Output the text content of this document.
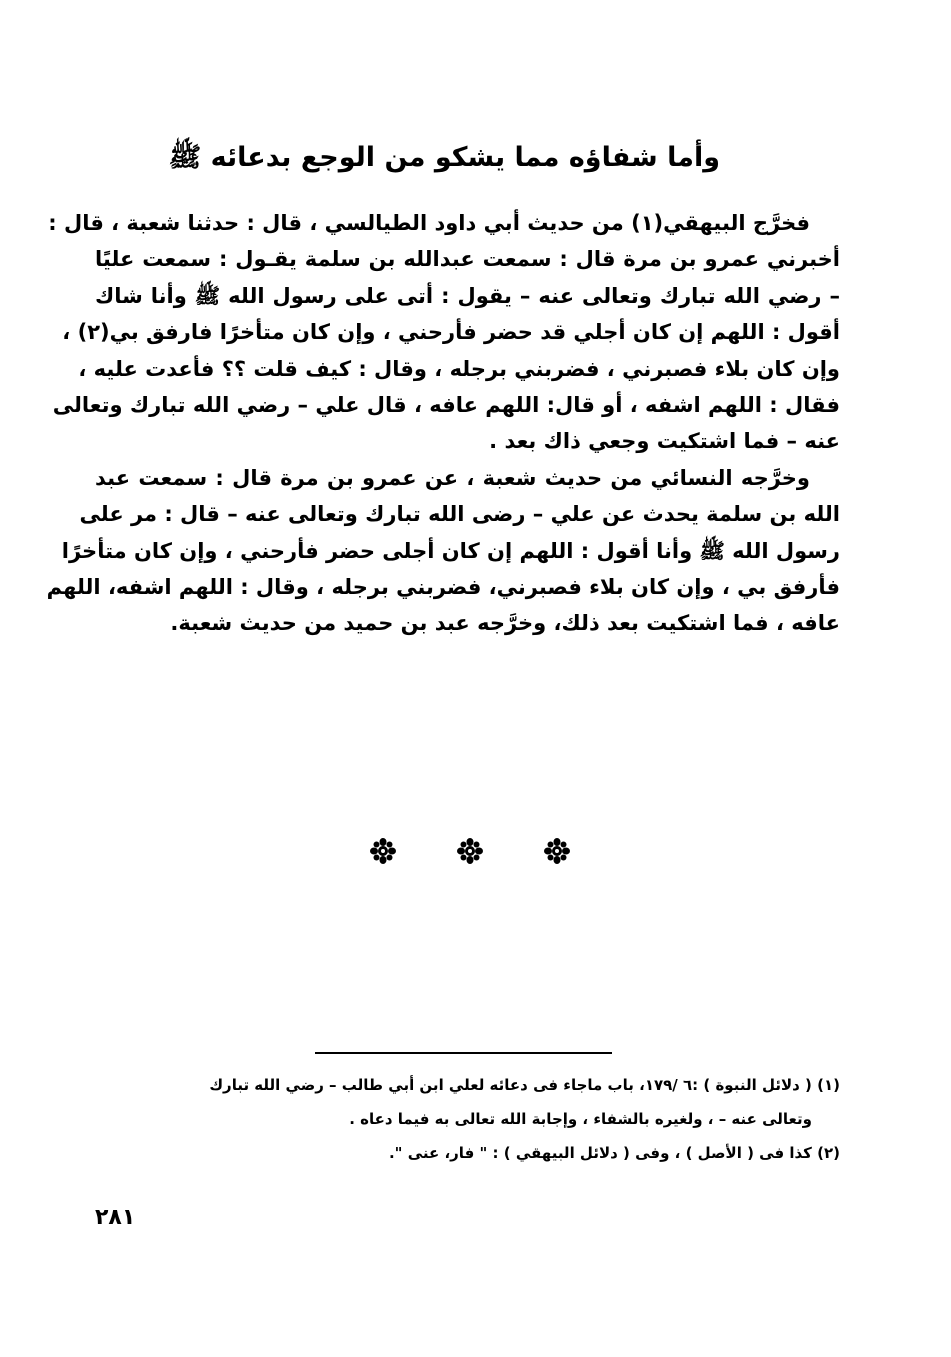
وأما شفاؤه مما يشكو من الوجع بدعائه ﷺ

فخرَّج البيهقي(١) من حديث أبي داود الطيالسي ، قال : حدثنا شعبة ، قال :
أخبرني عمرو بن مرة قال : سمعت عبدالله بن سلمة يقـول : سمعت عليًا
– رضي الله تبارك وتعالى عنه – يقول : أتى على رسول الله ﷺ وأنا شاك
أقول : اللهم إن كان أجلي قد حضر فأرحني ، وإن كان متأخرًا فارفق بي(٢) ،
وإن كان بلاء فصبرني ، فضربني برجله ، وقال : كيف قلت ؟؟ فأعدت عليه ،
فقال : اللهم اشفه ، أو قال: اللهم عافه ، قال علي – رضي الله تبارك وتعالى
عنه – فما اشتكيت وجعي ذاك بعد .

وخرَّجه النسائي من حديث شعبة ، عن عمرو بن مرة قال : سمعت عبد
الله بن سلمة يحدث عن علي – رضى الله تبارك وتعالى عنه – قال : مر على
رسول الله ﷺ وأنا أقول : اللهم إن كان أجلى حضر فأرحني ، وإن كان متأخرًا
فأرفق بي ، وإن كان بلاء فصبرني، فضربني برجله ، وقال : اللهم اشفه، اللهم
عافه ، فما اشتكيت بعد ذلك، وخرَّجه عبد بن حميد من حديث شعبة.

(١) ( دلائل النبوة ) :٦ /١٧٩، باب ماجاء فى دعائه لعلي ابن أبي طالب – رضي الله تبارك
وتعالى عنه – ، ولغيره بالشفاء ، وإجابة الله تعالى به فيما دعاه .
(٢) كذا فى ( الأصل ) ، وفى ( دلائل البيهقي ) : " فار، عنى ".
٢٨١
